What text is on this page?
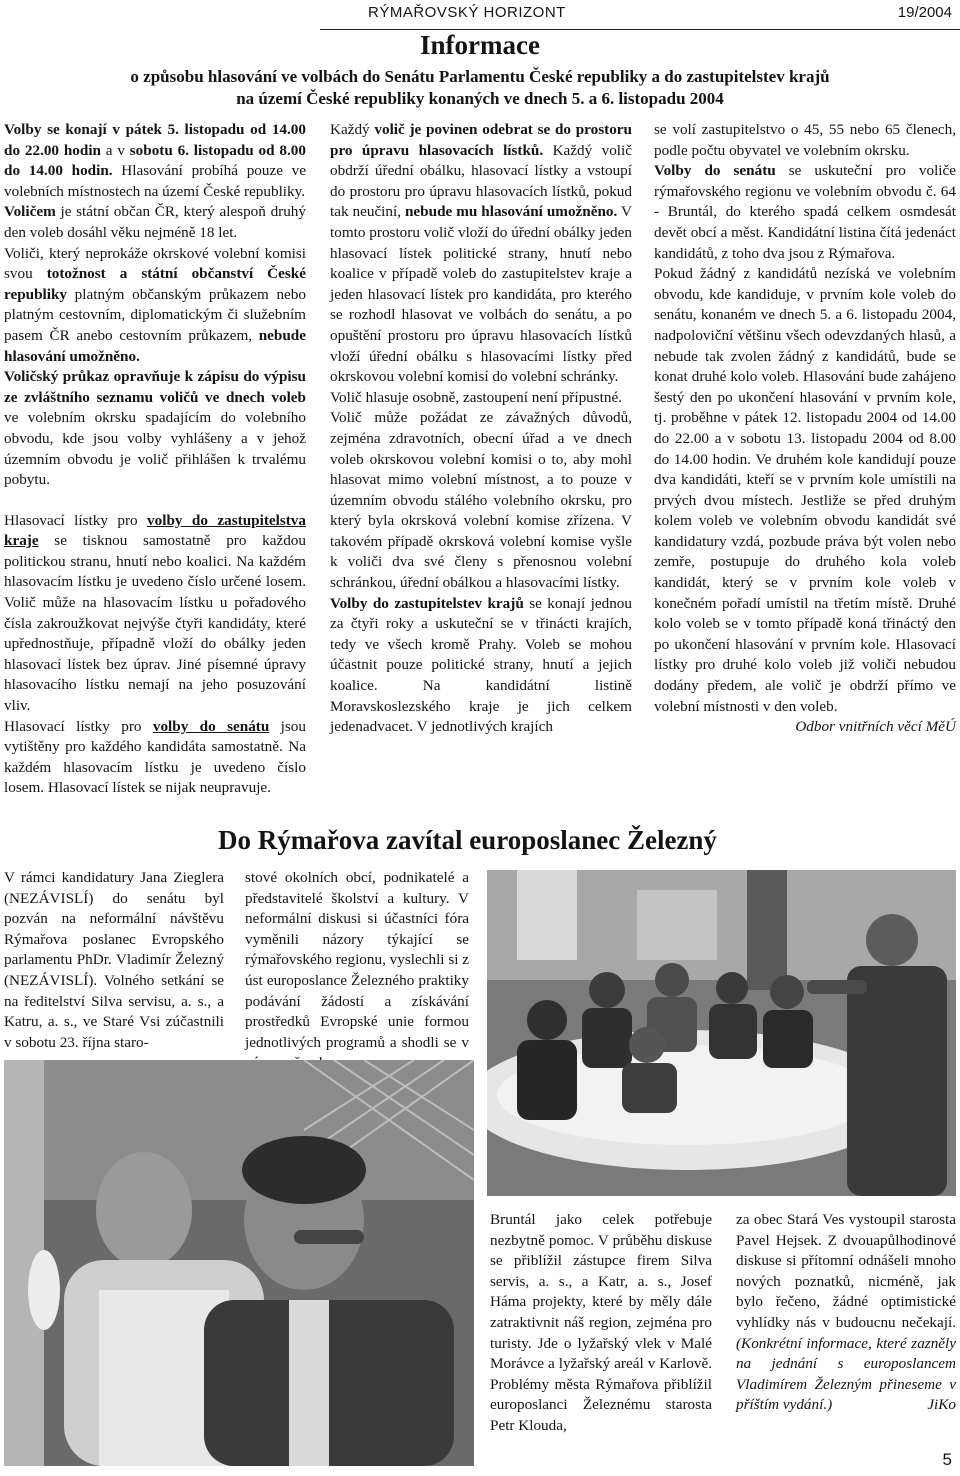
RÝMAŘOVSKÝ HORIZONT	19/2004
Informace
o způsobu hlasování ve volbách do Senátu Parlamentu České republiky a do zastupitelstev krajů
na území České republiky konaných ve dnech 5. a 6. listopadu 2004

Volby se konají v pátek 5. listopadu od 14.00 do 22.00 hodin a v sobotu 6. listopadu od 8.00 do 14.00 hodin. Hlasování probíhá pouze ve volebních místnostech na území České republiky.

Voličem je státní občan ČR, který alespoň druhý den voleb dosáhl věku nejméně 18 let.

Voliči, který neprokáže okrskové volební komisi svou totožnost a státní občanství České republiky platným občanským průkazem nebo platným cestovním, diplomatickým či služebním pasem ČR anebo cestovním průkazem, nebude hlasování umožněno.

Voličský průkaz opravňuje k zápisu do výpisu ze zvláštního seznamu voličů ve dnech voleb ve volebním okrsku spadajícím do volebního obvodu, kde jsou volby vyhlášeny a v jehož územním obvodu je volič přihlášen k trvalému pobytu.

Hlasovací lístky pro volby do zastupitelstva kraje se tisknou samostatně pro každou politickou stranu, hnutí nebo koalici. Na každém hlasovacím lístku je uvedeno číslo určené losem. Volič může na hlasovacím lístku u pořadového čísla zakroužkovat nejvýše čtyři kandidáty, které upřednostňuje, případně vloží do obálky jeden hlasovací lístek bez úprav. Jiné písemné úpravy hlasovacího lístku nemají na jeho posuzování vliv.

Hlasovací lístky pro volby do senátu jsou vytištěny pro každého kandidáta samostatně. Na každém hlasovacím lístku je uvedeno číslo losem. Hlasovací lístek se nijak neupravuje.

Každý volič je povinen odebrat se do prostoru pro úpravu hlasovacích lístků. Každý volič obdrží úřední obálku, hlasovací lístky a vstoupí do prostoru pro úpravu hlasovacích lístků, pokud tak neučiní, nebude mu hlasování umožněno. V tomto prostoru volič vloží do úřední obálky jeden hlasovací lístek politické strany, hnutí nebo koalice v případě voleb do zastupitelstev kraje a jeden hlasovací lístek pro kandidáta, pro kterého se rozhodl hlasovat ve volbách do senátu, a po opuštění prostoru pro úpravu hlasovacích lístků vloží úřední obálku s hlasovacími lístky před okrskovou volební komisí do volební schránky.

Volič hlasuje osobně, zastoupení není přípustné.

Volič může požádat ze závažných důvodů, zejména zdravotních, obecní úřad a ve dnech voleb okrskovou volební komisi o to, aby mohl hlasovat mimo volební místnost, a to pouze v územním obvodu stálého volebního okrsku, pro který byla okrsková volební komise zřízena. V takovém případě okrsková volební komise vyšle k voliči dva své členy s přenosnou volební schránkou, úřední obálkou a hlasovacími lístky.

Volby do zastupitelstev krajů se konají jednou za čtyři roky a uskuteční se v třinácti krajích, tedy ve všech kromě Prahy. Voleb se mohou účastnit pouze politické strany, hnutí a jejich koalice. Na kandidátní listině Moravskoslezského kraje je jich celkem jedenadvacet. V jednotlivých krajích

se volí zastupitelstvo o 45, 55 nebo 65 členech, podle počtu obyvatel ve volebním okrsku.

Volby do senátu se uskuteční pro voliče rýmařovského regionu ve volebním obvodu č. 64 - Bruntál, do kterého spadá celkem osmdesát devět obcí a měst. Kandidátní listina čítá jedenáct kandidátů, z toho dva jsou z Rýmařova.

Pokud žádný z kandidátů nezíská ve volebním obvodu, kde kandiduje, v prvním kole voleb do senátu, konaném ve dnech 5. a 6. listopadu 2004, nadpoloviční většinu všech odevzdaných hlasů, a nebude tak zvolen žádný z kandidátů, bude se konat druhé kolo voleb. Hlasování bude zahájeno šestý den po ukončení hlasování v prvním kole, tj. proběhne v pátek 12. listopadu 2004 od 14.00 do 22.00 a v sobotu 13. listopadu 2004 od 8.00 do 14.00 hodin. Ve druhém kole kandidují pouze dva kandidáti, kteří se v prvním kole umístili na prvých dvou místech. Jestliže se před druhým kolem voleb ve volebním obvodu kandidát své kandidatury vzdá, pozbude práva být volen nebo zemře, postupuje do druhého kola voleb kandidát, který se v prvním kole voleb v konečném pořadí umístil na třetím místě. Druhé kolo voleb se v tomto případě koná třináctý den po ukončení hlasování v prvním kole. Hlasovací lístky pro druhé kolo voleb již voliči nebudou dodány předem, ale volič je obdrží přímo ve volební místnosti v den voleb.

Odbor vnitřních věcí MěÚ

Do Rýmařova zavítal europoslanec Železný

V rámci kandidatury Jana Zieglera (NEZÁVISLÍ) do senátu byl pozván na neformální návštěvu Rýmařova poslanec Evropského parlamentu PhDr. Vladimír Železný (NEZÁVISLÍ). Volného setkání se na ředitelství Silva servisu, a. s., a Katru, a. s., ve Staré Vsi zúčastnili v sobotu 23. října staro-

stové okolních obcí, podnikatelé a představitelé školství a kultury. V neformální diskusi si účastníci fóra vyměnili názory týkající se rýmařovského regionu, vyslechli si z úst europoslance Železného praktiky podávání žádostí a získávání prostředků Evropské unie formou jednotlivých programů a shodli se v

Bruntál jako celek potřebuje nezbytně pomoc. V průběhu diskuse se přiblížil zástupce firem Silva servis, a. s., a Katr, a. s., Josef Háma projekty, které by měly dále zatraktivnit náš region, zejména pro turisty. Jde o lyžařský vlek v Malé Morávce a lyžařský areál v Karlově. Problémy města Rýmařova přiblížil europoslanci Železnému starosta Petr Klouda,

za obec Stará Ves vystoupil starosta Pavel Hejsek. Z dvouapůlhodinové diskuse si přítomní odnášeli mnoho nových poznatků, nicméně, jak bylo řečeno, žádné optimistické vyhlídky nás v budoucnu nečekají. (Konkrétní informace, které zazněly na jednání s europoslancem Vladimírem Železným přineseme v příštím vydání.)	JiKo

5
